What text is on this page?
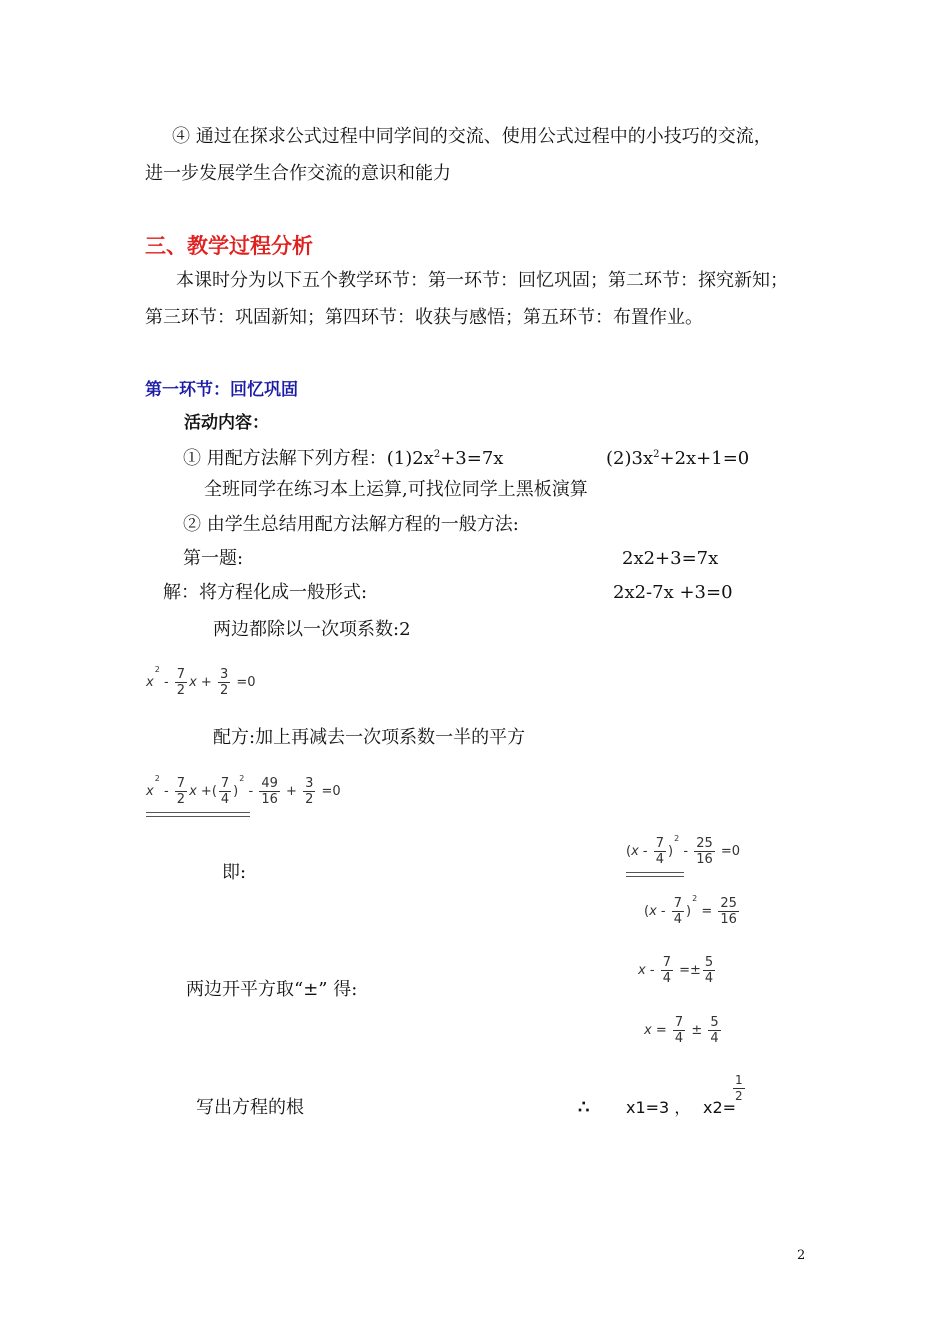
④ 通过在探求公式过程中同学间的交流、使用公式过程中的小技巧的交流，
进一步发展学生合作交流的意识和能力
三、教学过程分析
本课时分为以下五个教学环节：第一环节：回忆巩固；第二环节：探究新知；
第三环节：巩固新知；第四环节：收获与感悟；第五环节：布置作业。
第一环节：回忆巩固
活动内容：
① 用配方法解下列方程：$(1)2x^2+3=7x$	$(2)3x^2+2x+1=0$
全班同学在练习本上运算,可找位同学上黑板演算
② 由学生总结用配方法解方程的一般方法:
第一题:	2x2+3=7x
解：将方程化成一般形式:	2x2-7x +3=0
两边都除以一次项系数:2
$x^2 - \frac{7}{2}$ $x + \frac{3}{2} =0$
配方:加上再减去一次项系数一半的平方
$x^2 - \frac{7}{2}$ x +( $\frac{7}{4} )^2 - \frac{49}{16} + \frac{3}{2} =0$
即:
$(x - \frac{7}{4} )^2 - \frac{25}{16} =0$
$(x - \frac{7}{4} )^2 = \frac{25}{16}$
两边开平方取“±” 得:
$x - \frac{7}{4} =\pm \frac{5}{4}$
$x = \frac{7}{4} \pm \frac{5}{4}$
写出方程的根	∴ x1=3 ， x2=
$\frac{1}{2}$
2
